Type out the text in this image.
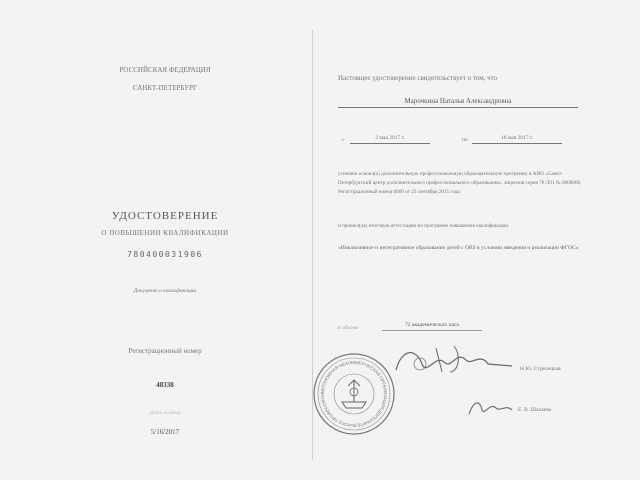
РОССИЙСКАЯ ФЕДЕРАЦИЯ
САНКТ-ПЕТЕРБУРГ
УДОСТОВЕРЕНИЕ
О ПОВЫШЕНИИ КВАЛИФИКАЦИИ
780400031906
Документ о квалификации
Регистрационный номер
48338
Дата выдачи
5/16/2017
Настоящее удостоверение свидетельствует о том, что
Марочкина Наталья Александровна
с	2 мая 2017 г.	по	16 мая 2017 г.
успешно освоил(а) дополнительную профессиональную образовательную программу в АНО «Санкт-Петербургский центр дополнительного профессионального образования», лицензия серия 78 Л01 № 0000000, Регистрационный номер 0000 от 23 сентября 2015 года
и прошел(ла) итоговую аттестацию по программе повышения квалификации
«Инклюзивное и интегративное образование детей с ОВЗ в условиях введения и реализации ФГОС»
в объеме	72 академических часа
Н.Ю. Стрелецкая
Е. В. Шалаева
АВТОНОМНАЯ НЕКОММЕРЧЕСКАЯ ОРГАНИЗАЦИЯ ДОПОЛНИТЕЛЬНОГО ПРОФЕССИОН
